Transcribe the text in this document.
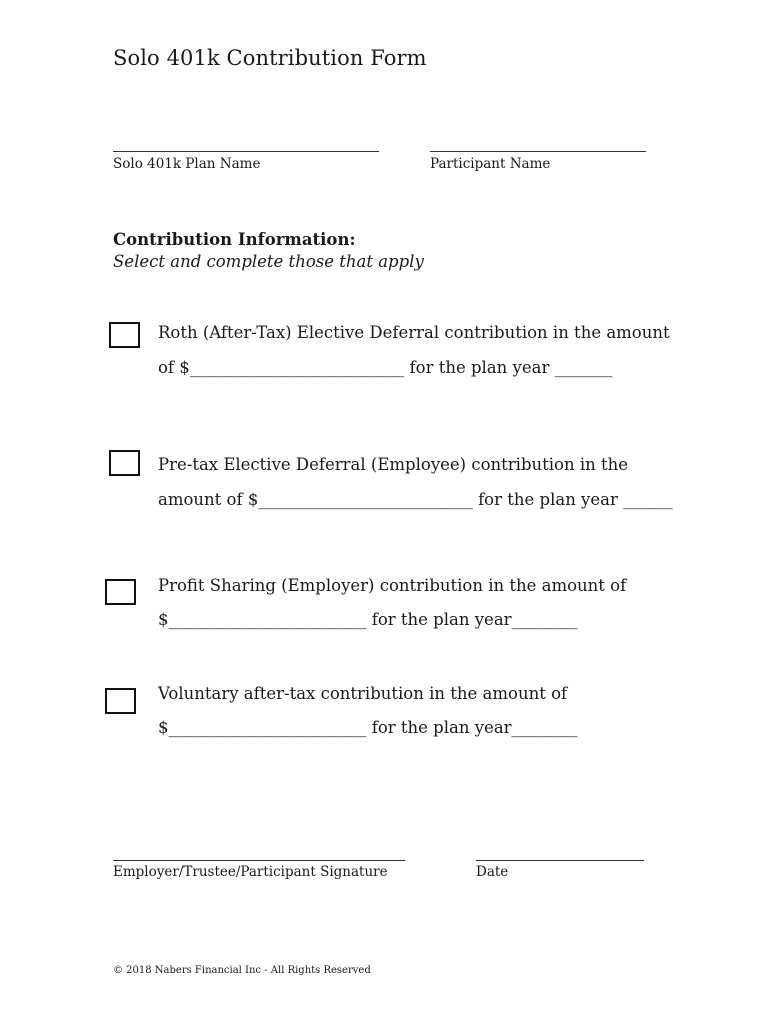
Solo 401k Contribution Form
Solo 401k Plan Name	Participant Name
Contribution Information:
Select and complete those that apply
Roth (After-Tax) Elective Deferral contribution in the amount
of $__________________________ for the plan year _______
Pre-tax Elective Deferral (Employee) contribution in the
amount of $__________________________ for the plan year ______
Profit Sharing (Employer) contribution in the amount of
$________________________ for the plan year________
Voluntary after-tax contribution in the amount of
$________________________ for the plan year________
Employer/Trustee/Participant Signature	Date
© 2018 Nabers Financial Inc - All Rights Reserved
